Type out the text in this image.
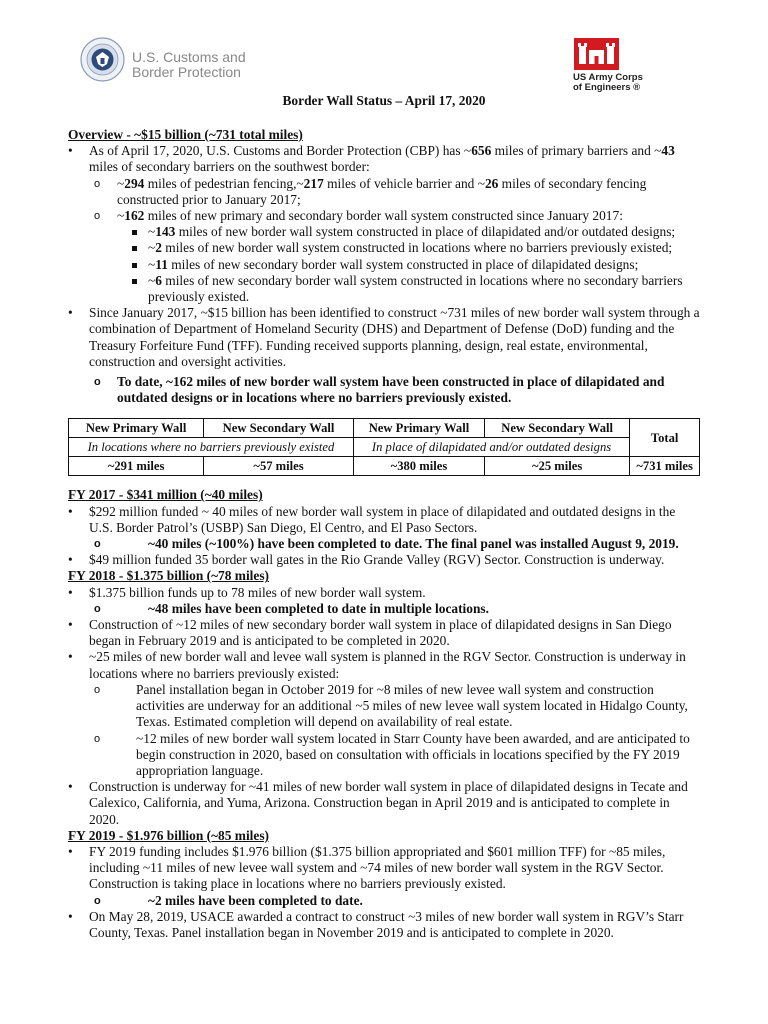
U.S. Customs and
Border Protection	US Army Corps
of Engineers ®
Border Wall Status – April 17, 2020

Overview - ~$15 billion (~731 total miles)

• As of April 17, 2020, U.S. Customs and Border Protection (CBP) has ~656 miles of primary barriers and ~43 miles of secondary barriers on the southwest border:
o ~294 miles of pedestrian fencing,~217 miles of vehicle barrier and ~26 miles of secondary fencing constructed prior to January 2017;
o ~162 miles of new primary and secondary border wall system constructed since January 2017:
~143 miles of new border wall system constructed in place of dilapidated and/or outdated designs;
~2 miles of new border wall system constructed in locations where no barriers previously existed;
~11 miles of new secondary border wall system constructed in place of dilapidated designs;
~6 miles of new secondary border wall system constructed in locations where no secondary barriers previously existed.
• Since January 2017, ~$15 billion has been identified to construct ~731 miles of new border wall system through a combination of Department of Homeland Security (DHS) and Department of Defense (DoD) funding and the Treasury Forfeiture Fund (TFF). Funding received supports planning, design, real estate, environmental, construction and oversight activities.
o To date, ~162 miles of new border wall system have been constructed in place of dilapidated and outdated designs or in locations where no barriers previously existed.
New Primary Wall	New Secondary Wall	New Primary Wall	New Secondary Wall	Total
In locations where no barriers previously existed		In place of dilapidated and/or outdated designs		
~291 miles	~57 miles	~380 miles	~25 miles	~731 miles

FY 2017 - $341 million (~40 miles)

• $292 million funded ~ 40 miles of new border wall system in place of dilapidated and outdated designs in the U.S. Border Patrol’s (USBP) San Diego, El Centro, and El Paso Sectors.
o ~40 miles (~100%) have been completed to date. The final panel was installed August 9, 2019.
• $49 million funded 35 border wall gates in the Rio Grande Valley (RGV) Sector. Construction is underway.

FY 2018 - $1.375 billion (~78 miles)

• $1.375 billion funds up to 78 miles of new border wall system.
o ~48 miles have been completed to date in multiple locations.
• Construction of ~12 miles of new secondary border wall system in place of dilapidated designs in San Diego began in February 2019 and is anticipated to be completed in 2020.
• ~25 miles of new border wall and levee wall system is planned in the RGV Sector. Construction is underway in locations where no barriers previously existed:
o Panel installation began in October 2019 for ~8 miles of new levee wall system and construction activities are underway for an additional ~5 miles of new levee wall system located in Hidalgo County, Texas. Estimated completion will depend on availability of real estate.
o ~12 miles of new border wall system located in Starr County have been awarded, and are anticipated to begin construction in 2020, based on consultation with officials in locations specified by the FY 2019 appropriation language.
• Construction is underway for ~41 miles of new border wall system in place of dilapidated designs in Tecate and Calexico, California, and Yuma, Arizona. Construction began in April 2019 and is anticipated to complete in 2020.

FY 2019 - $1.976 billion (~85 miles)

• FY 2019 funding includes $1.976 billion ($1.375 billion appropriated and $601 million TFF) for ~85 miles, including ~11 miles of new levee wall system and ~74 miles of new border wall system in the RGV Sector. Construction is taking place in locations where no barriers previously existed.
o ~2 miles have been completed to date.
• On May 28, 2019, USACE awarded a contract to construct ~3 miles of new border wall system in RGV’s Starr County, Texas. Panel installation began in November 2019 and is anticipated to complete in 2020.
